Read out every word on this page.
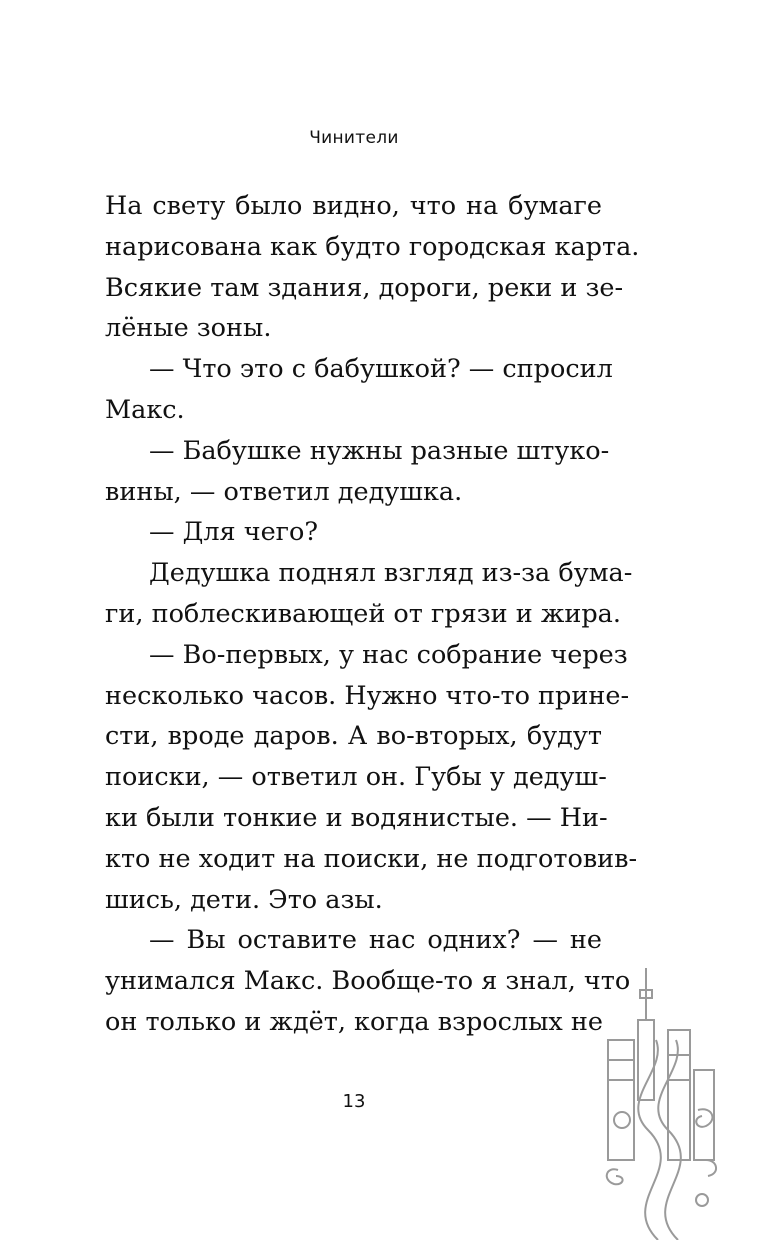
Чинители
На свету было видно, что на бумаге
нарисована как будто городская карта.
Всякие там здания, дороги, реки и зе-
лёные зоны.
— Что это с бабушкой? — спросил
Макс.
— Бабушке нужны разные штуко-
вины, — ответил дедушка.
— Для чего?
Дедушка поднял взгляд из-за бума-
ги, поблескивающей от грязи и жира.
— Во-первых, у нас собрание через
несколько часов. Нужно что-то прине-
сти, вроде даров. А во-вторых, будут
поиски, — ответил он. Губы у дедуш-
ки были тонкие и водянистые. — Ни-
кто не ходит на поиски, не подготовив-
шись, дети. Это азы.
— Вы оставите нас одних? — не
унимался Макс. Вообще-то я знал, что
он только и ждёт, когда взрослых не
13
